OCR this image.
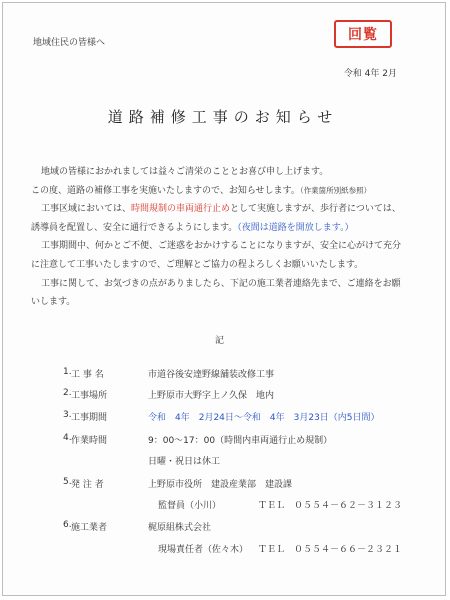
地域住民の皆様へ	回覧
令和 4年 2月
道路補修工事のお知らせ

地域の皆様におかれましては益々ご清栄のこととお喜び申し上げます。

この度、道路の補修工事を実施いたしますので、お知らせします。（作業箇所別紙参照）

工事区域においては、時間規制の車両通行止めとして実施しますが、歩行者については、

誘導員を配置し、安全に通行できるようにします。（夜間は道路を開放します。）

工事期間中、何かとご不便、ご迷惑をおかけすることになりますが、安全に心がけて充分

に注意して工事いたしますので、ご理解とご協力の程よろしくお願いいたします。

工事に関して、お気づきの点がありましたら、下記の施工業者連絡先まで、ご連絡をお願

いします。

記
1. 工 事 名	市道谷後安達野線舗装改修工事
2. 工事場所	上野原市大野字上ノ久保　地内
3. 工事期間	令和　4年　2月24日～令和　4年　3月23日（内5日間）
4. 作業時間	9：00～17：00（時間内車両通行止め規制）
日曜・祝日は休工
5. 発 注 者	上野原市役所　建設産業部　建設課
監督員（小川）	ＴＥＬ　０５５４－６２－３１２３
6. 施工業者	梶原組株式会社
現場責任者（佐々木） ＴＥＬ　０５５４－６６－２３２１
